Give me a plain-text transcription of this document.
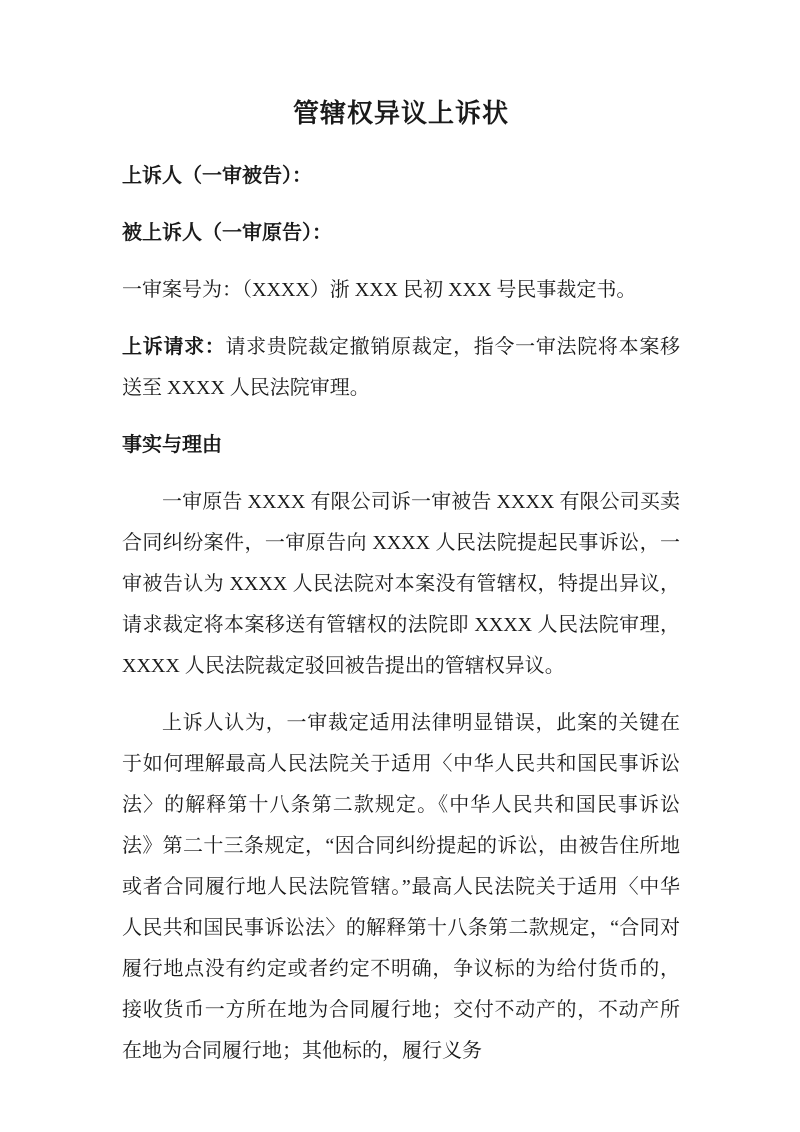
管辖权异议上诉状

上诉人（一审被告）：

被上诉人（一审原告）：

一审案号为：（XXXX）浙 XXX 民初 XXX 号民事裁定书。

上诉请求：请求贵院裁定撤销原裁定，指令一审法院将本案移送至 XXXX 人民法院审理。

事实与理由

一审原告 XXXX 有限公司诉一审被告 XXXX 有限公司买卖合同纠纷案件，一审原告向 XXXX 人民法院提起民事诉讼，一审被告认为 XXXX 人民法院对本案没有管辖权，特提出异议，请求裁定将本案移送有管辖权的法院即 XXXX 人民法院审理，XXXX 人民法院裁定驳回被告提出的管辖权异议。

上诉人认为，一审裁定适用法律明显错误，此案的关键在于如何理解最高人民法院关于适用〈中华人民共和国民事诉讼法〉的解释第十八条第二款规定。《中华人民共和国民事诉讼法》第二十三条规定，“因合同纠纷提起的诉讼，由被告住所地或者合同履行地人民法院管辖。”最高人民法院关于适用〈中华人民共和国民事诉讼法〉的解释第十八条第二款规定，“合同对履行地点没有约定或者约定不明确，争议标的为给付货币的，接收货币一方所在地为合同履行地；交付不动产的，不动产所在地为合同履行地；其他标的，履行义务
